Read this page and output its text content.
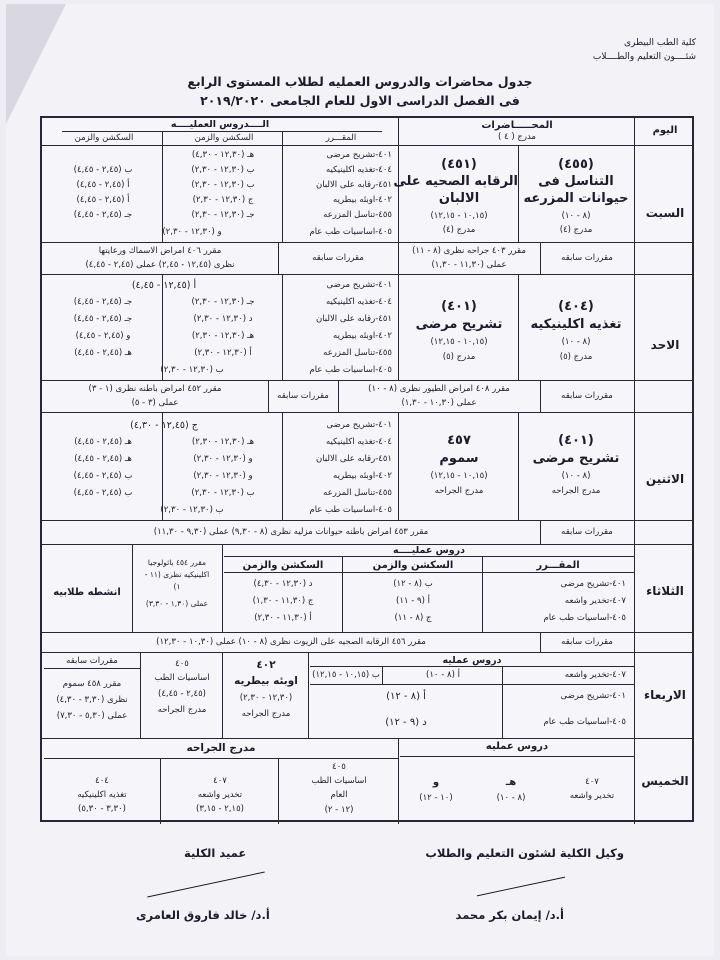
كلية الطب البيطرى
شئــــون التعليم والطــــلاب
جدول محاضرات والدروس العمليه لطلاب المستوى الرابع
فى الفصل الدراسى الاول للعام الجامعى ٢٠١٩/٢٠٢٠
اليوم
المحـــــاضرات
مدرج ( ٤ )
الــــدروس العمليــــه
المقـــرر
السكشن والزمن
السكشن والزمن
السبت
(٤٥٥)
التناسل فى
حيوانات المزرعه
(٨ - ١٠)
مدرج (٤)
(٤٥١)
الرقابه الصحيه على
الالبان
(١٠,١٥ - ١٢,١٥)
مدرج (٤)
٤٠١-تشريح مرضى
٤٠٤-تغذيه اكلينيكيه
٤٥١-رقابه على الالبان
٤٠٢-اوبئه بيطريه
٤٥٥-تناسل المزرعه
٤٠٥-اساسيات طب عام
هـ (١٢,٣٠ - ٤,٣٠)
ب (١٢,٣٠ - ٢,٣٠)
ب (١٢,٣٠ - ٢,٣٠)
ج (١٢,٣٠ - ٢,٣٠)
جـ (١٢,٣٠ - ٢,٣٠)
و (١٢,٣٠ - ٢,٣٠)
ب (٢,٤٥ - ٤,٤٥)
أ (٢,٤٥ - ٤,٤٥)
أ (٢,٤٥ - ٤,٤٥)
جـ (٢,٤٥ - ٤,٤٥)
مقررات سابقه
مقرر ٤٠٣ جراحه نظرى (٨ - ١١)
عملى (١١,٣٠ - ١,٣٠)
مقررات سابقه
مقرر ٤٠٦ امراض الاسماك ورعايتها
نظرى (١٢,٤٥ - ٢,٤٥) عملى (٢,٤٥ - ٤,٤٥)
الاحد
(٤٠٤)
تغذيه اكلينيكيه
(٨ - ١٠)
مدرج (٥)
(٤٠١)
تشريح مرضى
(١٠,١٥ - ١٢,١٥)
مدرج (٥)
٤٠١-تشريح مرضى
٤٠٤-تغذيه اكلينيكيه
٤٥١-رقابه على الالبان
٤٠٢-اوبئه بيطريه
٤٥٥-تناسل المزرعه
٤٠٥-اساسيات طب عام
أ (١٢,٤٥ - ٤,٤٥)
جـ (١٢,٣٠ - ٢,٣٠)
د (١٢,٣٠ - ٢,٣٠)
هـ (١٢,٣٠ - ٢,٣٠)
أ (١٢,٣٠ - ٢,٣٠)
ب (١٢,٣٠ - ٢,٣٠)
جـ (٢,٤٥ - ٤,٤٥)
جـ (٢,٤٥ - ٤,٤٥)
و (٢,٤٥ - ٤,٤٥)
هـ (٢,٤٥ - ٤,٤٥)
مقررات سابقه
مقرر ٤٠٨ امراض الطيور نظرى (٨ - ١٠)
عملى (١٠,٣٠ - ١,٣٠)
مقررات سابقه
مقرر ٤٥٢ امراض باطنه نظرى (١ - ٣)
عملى (٣ - ٥)
الاثنين
(٤٠١)
تشريح مرضى
(٨ - ١٠)
مدرج الجراحه
٤٥٧
سموم
(١٠,١٥ - ١٢,١٥)
مدرج الجراحه
٤٠١-تشريح مرضى
٤٠٤-تغذيه اكلينيكيه
٤٥١-رقابه على الالبان
٤٠٢-اوبئه بيطريه
٤٥٥-تناسل المزرعه
٤٠٥-اساسيات طب عام
ج (١٢,٤٥ - ٤,٣٠)
هـ (١٢,٣٠ - ٢,٣٠)
و (١٢,٣٠ - ٢,٣٠)
و (١٢,٣٠ - ٢,٣٠)
ب (١٢,٣٠ - ٢,٣٠)
ب (١٢,٣٠ - ٢,٣٠)
هـ (٢,٤٥ - ٤,٤٥)
هـ (٢,٤٥ - ٤,٤٥)
ب (٢,٤٥ - ٤,٤٥)
ب (٢,٤٥ - ٤,٤٥)
مقررات سابقه
مقرر ٤٥٣ امراض باطنه حيوانات مزليه نظرى (٨ - ٩,٣٠) عملى (٩,٣٠ - ١١,٣٠)
الثلاثاء
دروس عمليــــه
المقـــرر
السكشن والزمن
السكشن والزمن
٤٠١-تشريح مرضى
٤٠٧-تخدير واشعه
٤٠٥-اساسيات طب عام
ب (٨ - ١٢)
أ (٩ - ١١)
ج (٨ - ١١)
د (١٢,٣٠ - ٤,٣٠)
ج (١١,٣٠ - ١,٣٠)
أ (١١,٣٠ - ٢,٣٠)
مقرر ٤٥٤ باثولوجيا
اكلينيكيه نظرى (١١ -
١)
عملى (١,٣٠ - ٣,٣٠)
انشطه طلابيه
مقررات سابقه
مقرر ٤٥٦ الرقابه الصحيه على الزيوت نظرى (٨ - ١٠) عملى (١٠,٣٠ - ١٢,٣٠)
الاربعاء
دروس عمليه
٤٠٧-تخدير واشعه
٤٠١-تشريح مرضى
٤٠٥-اساسيات طب عام
أ (٨ - ١٠)
أ (٨ - ١٢)
د (٩ - ١٢)
ب (١٠,١٥ - ١٢,١٥)
٤٠٢
اوبئه بيطريه
(١٢,٣٠ - ٢,٣٠)
مدرج الجراحه
٤٠٥
اساسيات الطب
(٢,٤٥ - ٤,٤٥)
مدرج الجراحه
مقررات سابقه
مقرر ٤٥٨ سموم
نظرى (٣,٣٠ - ٤,٣٠)
عملى (٥,٣٠ - ٧,٣٠)
الخميس
دروس عمليه
٤٠٧
تخدير واشعه
هـ
(٨ - ١٠)
و
(١٠ - ١٢)
مدرج الجراحه
٤٠٥
اساسيات الطب
العام
(١٢ - ٢)
٤٠٧
تخدير واشعه
(٢,١٥ - ٣,١٥)
٤٠٤
تغذيه اكلينيكيه
(٣,٣٠ - ٥,٣٠)
وكيل الكلية لشئون التعليم والطلاب
أ.د/ إيمان بكر محمد
عميد الكلية
أ.د/ خالد فاروق العامرى
